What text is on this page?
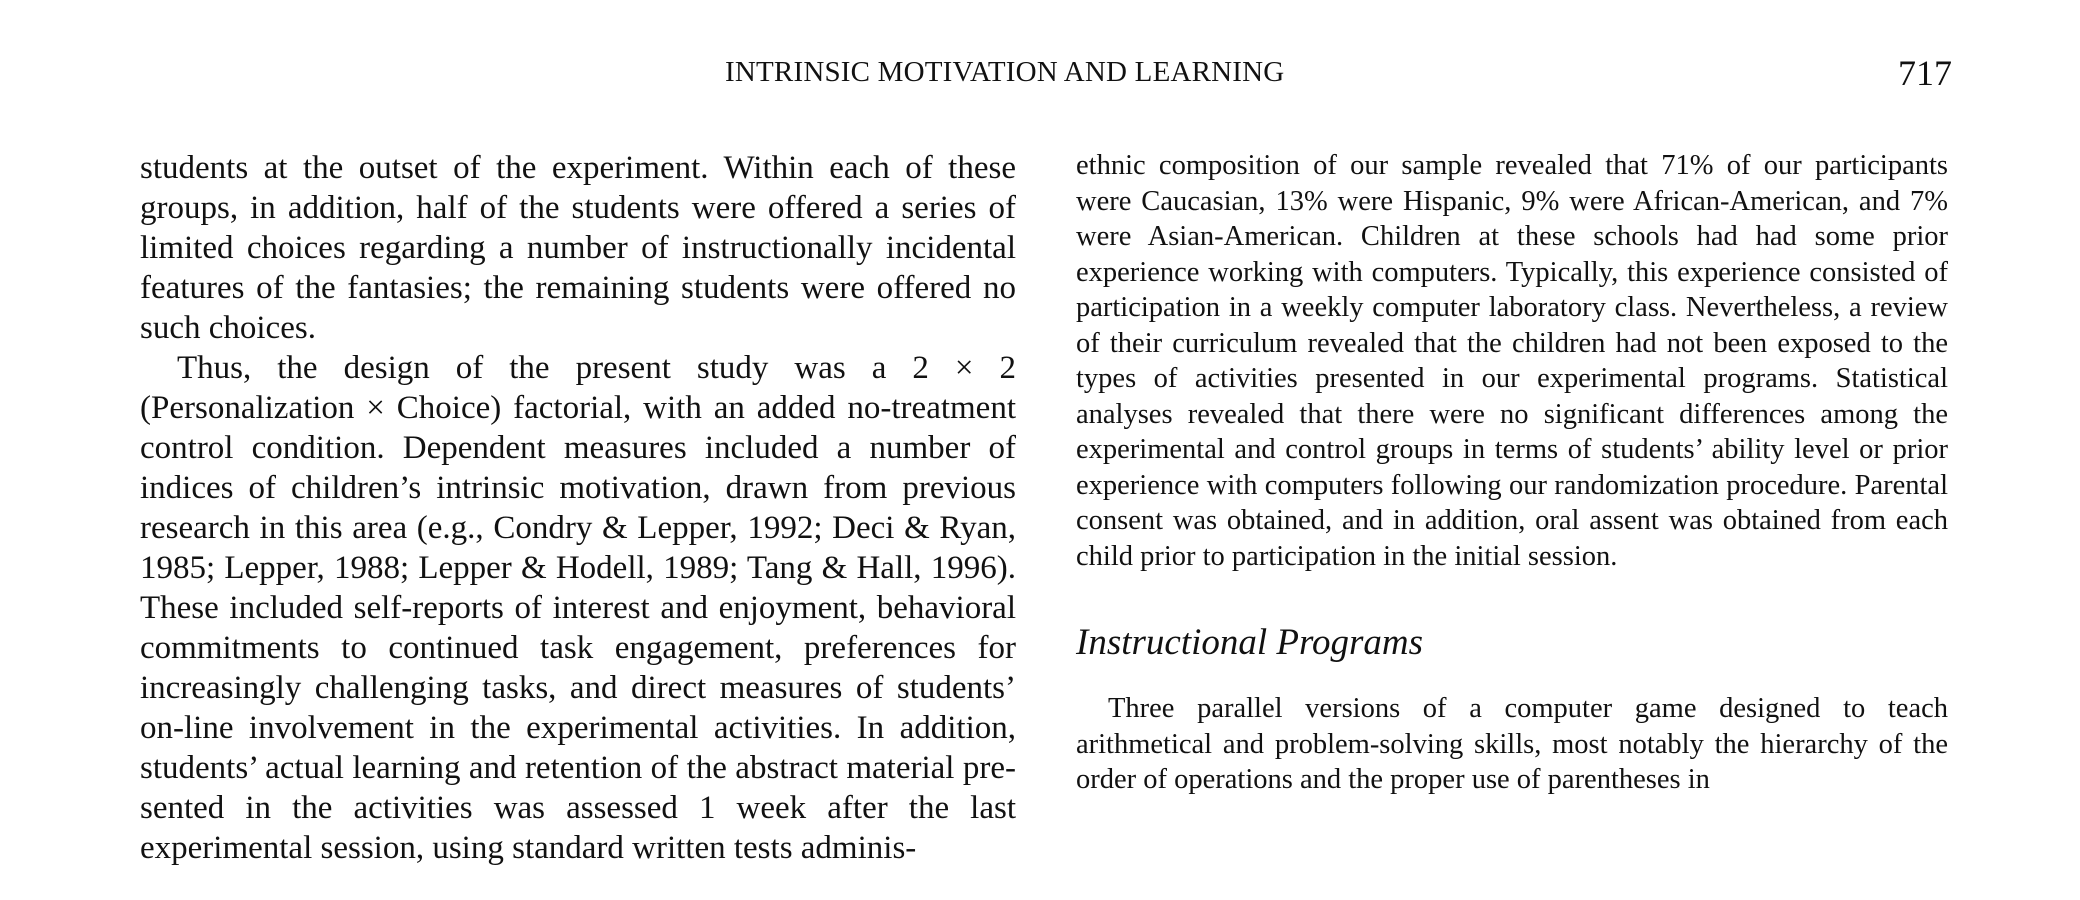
INTRINSIC MOTIVATION AND LEARNING	717

students at the outset of the experiment. Within each of these groups, in addition, half of the students were offered a series of limited choices regarding a number of instructionally incidental features of the fantasies; the remaining students were offered no such choices.

Thus, the design of the present study was a 2 × 2 (Personalization × Choice) factorial, with an added no-treatment control condition. Dependent measures included a number of indices of children’s intrinsic motivation, drawn from previous research in this area (e.g., Condry & Lepper, 1992; Deci & Ryan, 1985; Lepper, 1988; Lepper & Hodell, 1989; Tang & Hall, 1996). These included self-reports of interest and enjoyment, behavioral commitments to continued task engagement, preferences for increasingly challenging tasks, and direct measures of students’ on-line involvement in the experimental activities. In addition, students’ actual learning and retention of the abstract material presented in the activities was assessed 1 week after the last experimental session, using standard written tests adminis-

ethnic composition of our sample revealed that 71% of our participants were Caucasian, 13% were Hispanic, 9% were African-American, and 7% were Asian-American. Children at these schools had had some prior experience working with computers. Typically, this experience consisted of participation in a weekly computer laboratory class. Nevertheless, a review of their curriculum revealed that the children had not been exposed to the types of activities presented in our experimental programs. Statistical analyses revealed that there were no significant differences among the experimental and control groups in terms of students’ ability level or prior experience with computers following our randomization procedure. Parental consent was obtained, and in addition, oral assent was obtained from each child prior to participation in the initial session.

Instructional Programs

Three parallel versions of a computer game designed to teach arithmetical and problem-solving skills, most notably the hierarchy of the order of operations and the proper use of parentheses in
